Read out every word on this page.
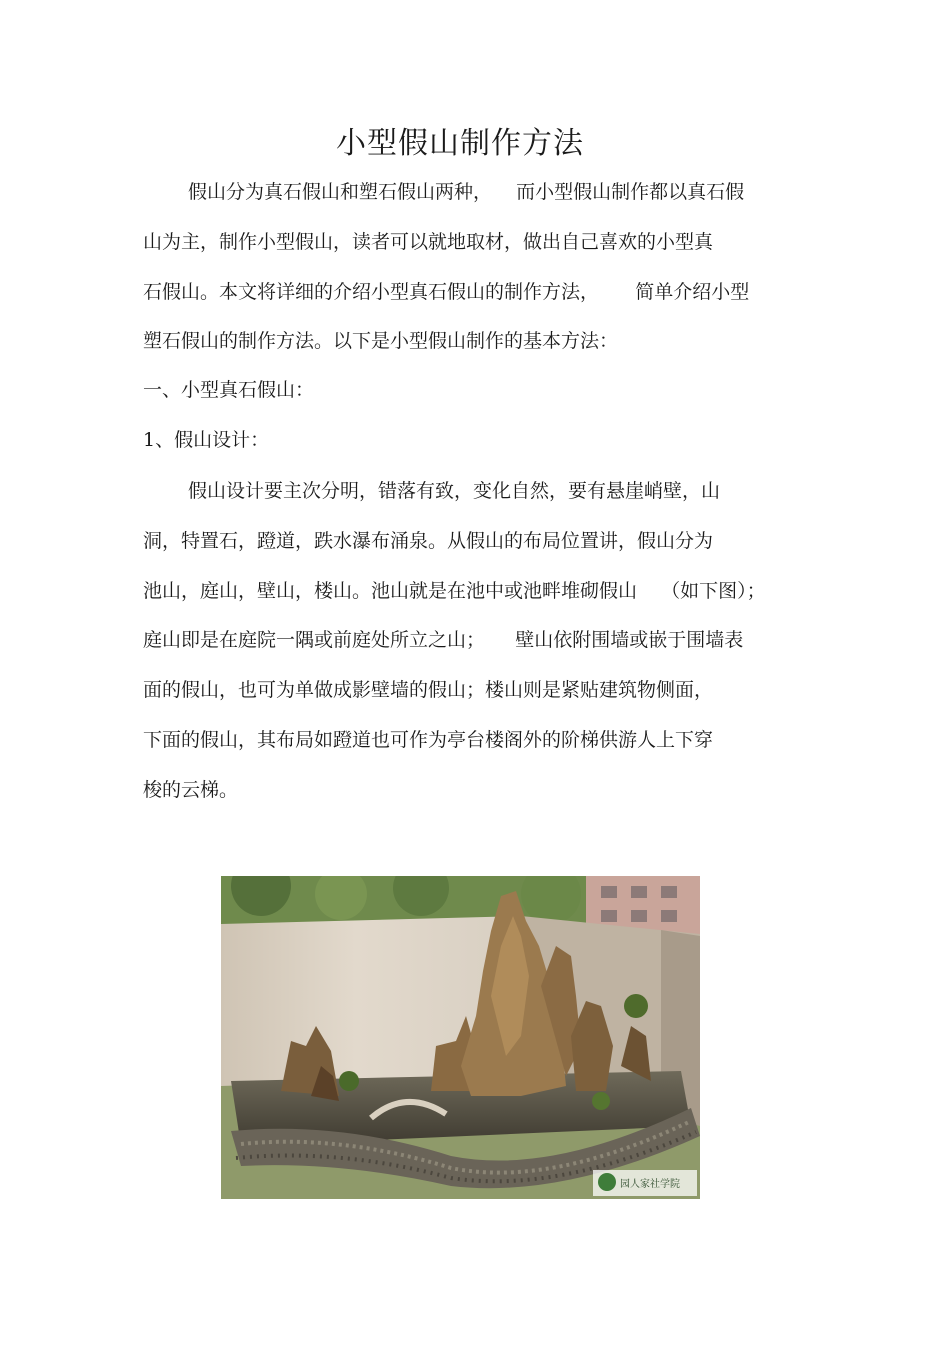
小型假山制作方法
假山分为真石假山和塑石假山两种，    而小型假山制作都以真石假
山为主，制作小型假山，读者可以就地取材，做出自己喜欢的小型真
石假山。本文将详细的介绍小型真石假山的制作方法，      简单介绍小型
塑石假山的制作方法。以下是小型假山制作的基本方法：
一、小型真石假山：
1、假山设计：
假山设计要主次分明，错落有致，变化自然，要有悬崖峭壁，山
洞，特置石，蹬道，跌水瀑布涌泉。从假山的布局位置讲，假山分为
池山，庭山，壁山，楼山。池山就是在池中或池畔堆砌假山    （如下图）；
庭山即是在庭院一隅或前庭处所立之山；     壁山依附围墙或嵌于围墙表
面的假山，也可为单做成影壁墙的假山；楼山则是紧贴建筑物侧面，
下面的假山，其布局如蹬道也可作为亭台楼阁外的阶梯供游人上下穿
梭的云梯。
园人家社学院
